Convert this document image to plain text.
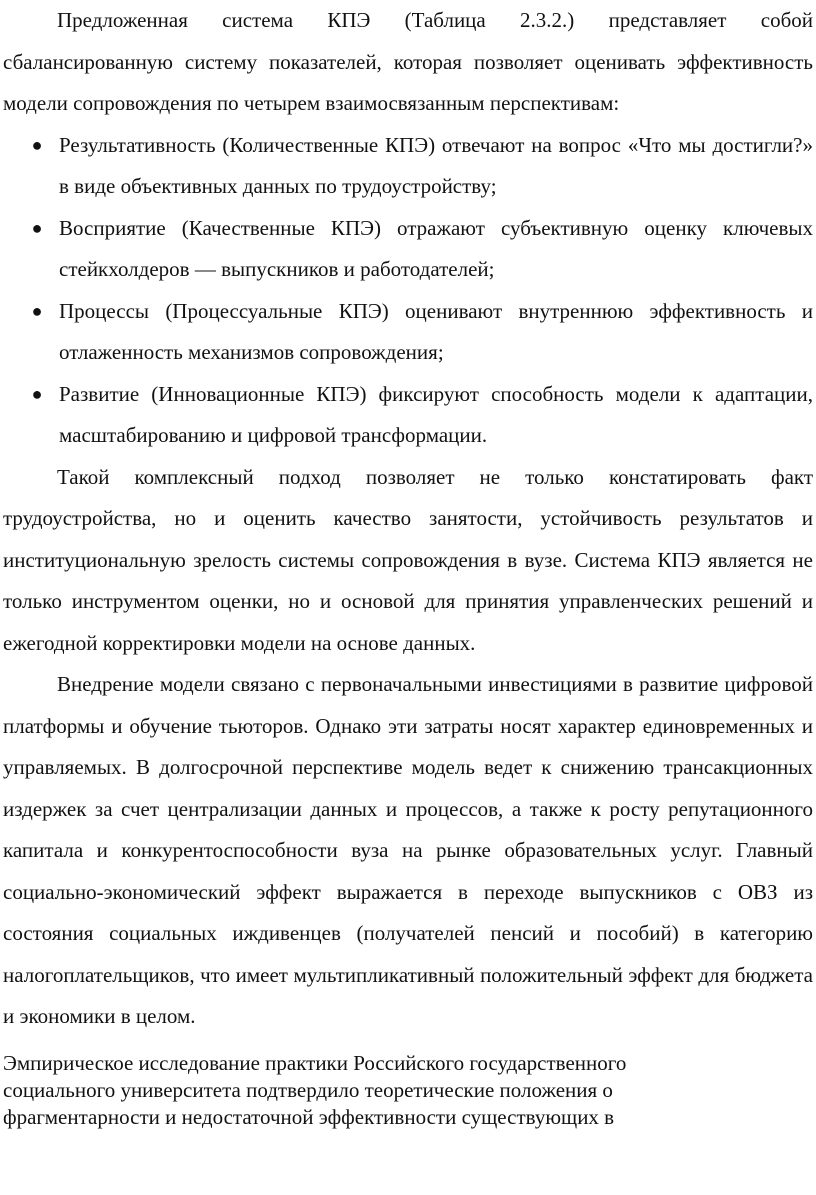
Предложенная система КПЭ (Таблица 2.3.2.) представляет собой сбалансированную систему показателей, которая позволяет оценивать эффективность модели сопровождения по четырем взаимосвязанным перспективам:

● Результативность (Количественные КПЭ) отвечают на вопрос «Что мы достигли?» в виде объективных данных по трудоустройству;
● Восприятие (Качественные КПЭ) отражают субъективную оценку ключевых стейкхолдеров — выпускников и работодателей;
● Процессы (Процессуальные КПЭ) оценивают внутреннюю эффективность и отлаженность механизмов сопровождения;
● Развитие (Инновационные КПЭ) фиксируют способность модели к адаптации, масштабированию и цифровой трансформации.

Такой комплексный подход позволяет не только констатировать факт трудоустройства, но и оценить качество занятости, устойчивость результатов и институциональную зрелость системы сопровождения в вузе. Система КПЭ является не только инструментом оценки, но и основой для принятия управленческих решений и ежегодной корректировки модели на основе данных.

Внедрение модели связано с первоначальными инвестициями в развитие цифровой платформы и обучение тьюторов. Однако эти затраты носят характер единовременных и управляемых. В долгосрочной перспективе модель ведет к снижению трансакционных издержек за счет централизации данных и процессов, а также к росту репутационного капитала и конкурентоспособности вуза на рынке образовательных услуг. Главный социально-экономический эффект выражается в переходе выпускников с ОВЗ из состояния социальных иждивенцев (получателей пенсий и пособий) в категорию налогоплательщиков, что имеет мультипликативный положительный эффект для бюджета и экономики в целом.

Эмпирическое исследование практики Российского государственного
социального университета подтвердило теоретические положения о
фрагментарности и недостаточной эффективности существующих в
